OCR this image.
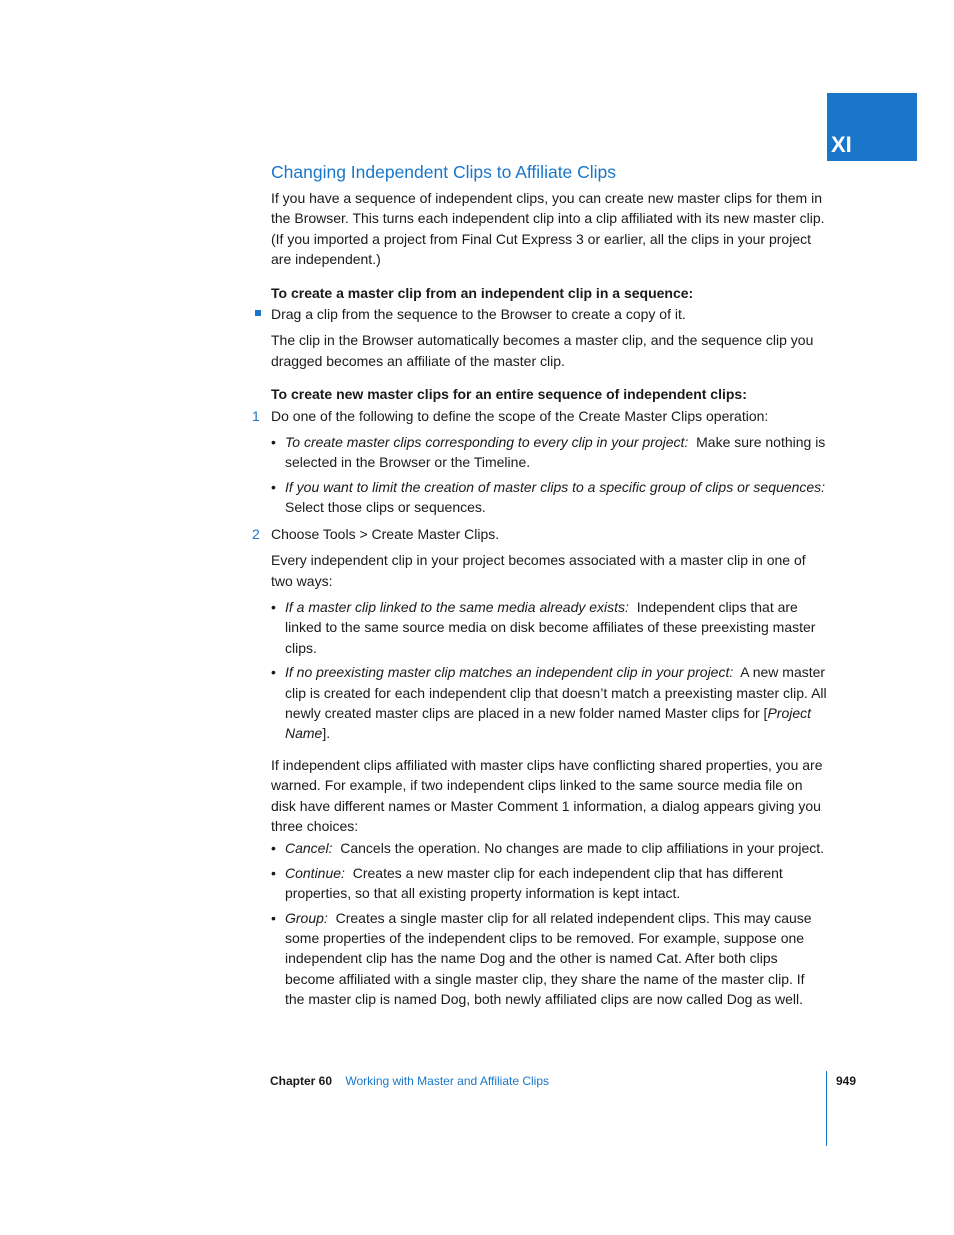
XI
Changing Independent Clips to Affiliate Clips

If you have a sequence of independent clips, you can create new master clips for them in the Browser. This turns each independent clip into a clip affiliated with its new master clip. (If you imported a project from Final Cut Express 3 or earlier, all the clips in your project are independent.)

To create a master clip from an independent clip in a sequence:

Drag a clip from the sequence to the Browser to create a copy of it.

The clip in the Browser automatically becomes a master clip, and the sequence clip you dragged becomes an affiliate of the master clip.

To create new master clips for an entire sequence of independent clips:

1 Do one of the following to define the scope of the Create Master Clips operation:

• To create master clips corresponding to every clip in your project: Make sure nothing is selected in the Browser or the Timeline.

• If you want to limit the creation of master clips to a specific group of clips or sequences: Select those clips or sequences.

2 Choose Tools > Create Master Clips.

Every independent clip in your project becomes associated with a master clip in one of two ways:

• If a master clip linked to the same media already exists: Independent clips that are linked to the same source media on disk become affiliates of these preexisting master clips.

• If no preexisting master clip matches an independent clip in your project: A new master clip is created for each independent clip that doesn’t match a preexisting master clip. All newly created master clips are placed in a new folder named Master clips for [Project Name].

If independent clips affiliated with master clips have conflicting shared properties, you are warned. For example, if two independent clips linked to the same source media file on disk have different names or Master Comment 1 information, a dialog appears giving you three choices:

• Cancel: Cancels the operation. No changes are made to clip affiliations in your project.

• Continue: Creates a new master clip for each independent clip that has different properties, so that all existing property information is kept intact.

• Group: Creates a single master clip for all related independent clips. This may cause some properties of the independent clips to be removed. For example, suppose one independent clip has the name Dog and the other is named Cat. After both clips become affiliated with a single master clip, they share the name of the master clip. If the master clip is named Dog, both newly affiliated clips are now called Dog as well.

Chapter 60 Working with Master and Affiliate Clips	949
